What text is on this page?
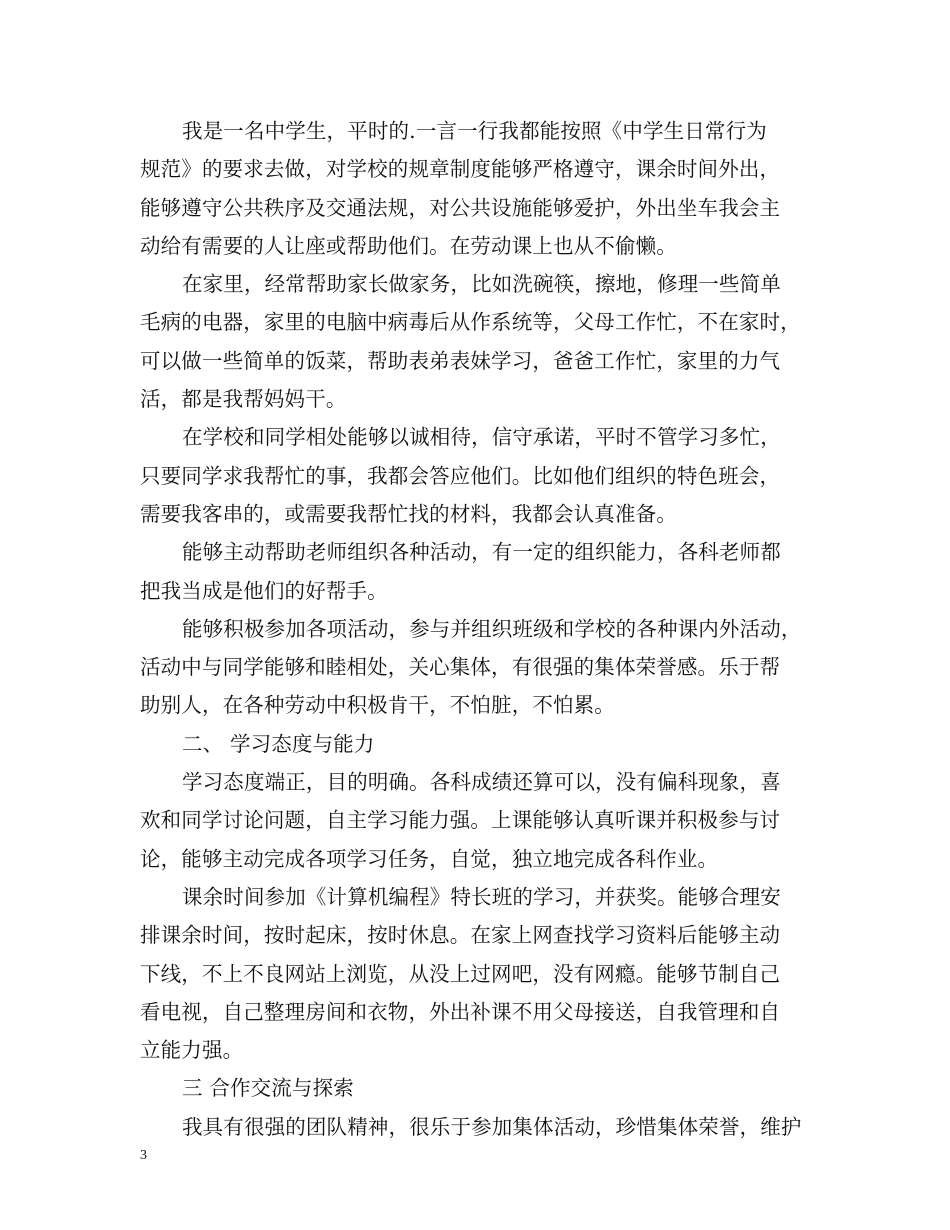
我是一名中学生，平时的.一言一行我都能按照《中学生日常行为
规范》的要求去做，对学校的规章制度能够严格遵守，课余时间外出，
能够遵守公共秩序及交通法规，对公共设施能够爱护，外出坐车我会主
动给有需要的人让座或帮助他们。在劳动课上也从不偷懒。
在家里，经常帮助家长做家务，比如洗碗筷，擦地，修理一些简单
毛病的电器，家里的电脑中病毒后从作系统等，父母工作忙，不在家时，
可以做一些简单的饭菜，帮助表弟表妹学习，爸爸工作忙，家里的力气
活，都是我帮妈妈干。
在学校和同学相处能够以诚相待，信守承诺，平时不管学习多忙，
只要同学求我帮忙的事，我都会答应他们。比如他们组织的特色班会，
需要我客串的，或需要我帮忙找的材料，我都会认真准备。
能够主动帮助老师组织各种活动，有一定的组织能力，各科老师都
把我当成是他们的好帮手。
能够积极参加各项活动，参与并组织班级和学校的各种课内外活动，
活动中与同学能够和睦相处，关心集体，有很强的集体荣誉感。乐于帮
助别人，在各种劳动中积极肯干，不怕脏，不怕累。
二、 学习态度与能力
学习态度端正，目的明确。各科成绩还算可以，没有偏科现象，喜
欢和同学讨论问题，自主学习能力强。上课能够认真听课并积极参与讨
论，能够主动完成各项学习任务，自觉，独立地完成各科作业。
课余时间参加《计算机编程》特长班的学习，并获奖。能够合理安
排课余时间，按时起床，按时休息。在家上网查找学习资料后能够主动
下线，不上不良网站上浏览，从没上过网吧，没有网瘾。能够节制自己
看电视，自己整理房间和衣物，外出补课不用父母接送，自我管理和自
立能力强。
三 合作交流与探索
我具有很强的团队精神，很乐于参加集体活动，珍惜集体荣誉，维护
3
